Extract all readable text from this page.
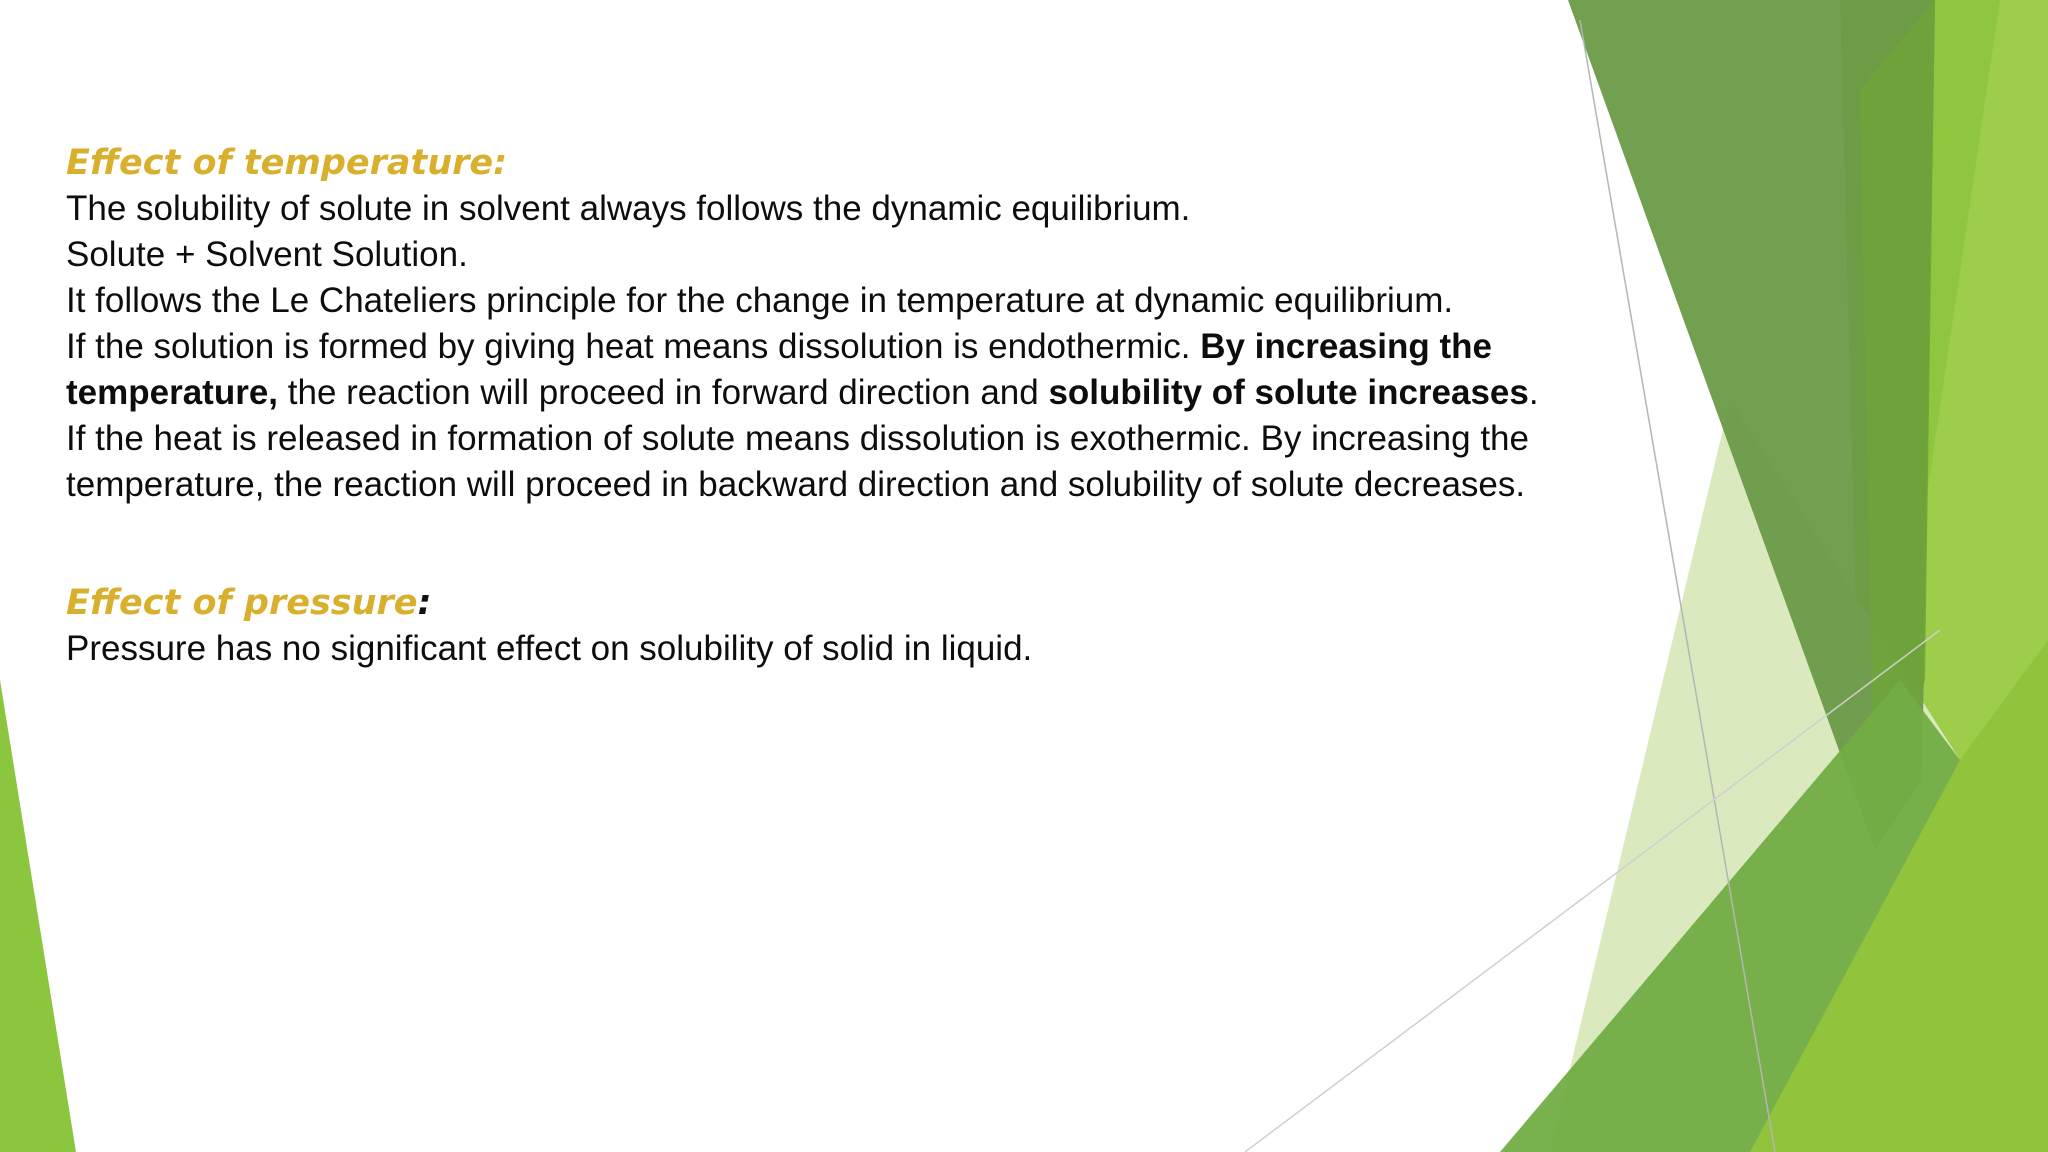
Effect of temperature:

The solubility of solute in solvent always follows the dynamic equilibrium.

Solute + Solvent Solution.

It follows the Le Chateliers principle for the change in temperature at dynamic equilibrium.

If the solution is formed by giving heat means dissolution is endothermic. By increasing the temperature, the reaction will proceed in forward direction and solubility of solute increases.

If the heat is released in formation of solute means dissolution is exothermic. By increasing the temperature, the reaction will proceed in backward direction and solubility of solute decreases.

Effect of pressure:

Pressure has no significant effect on solubility of solid in liquid.
